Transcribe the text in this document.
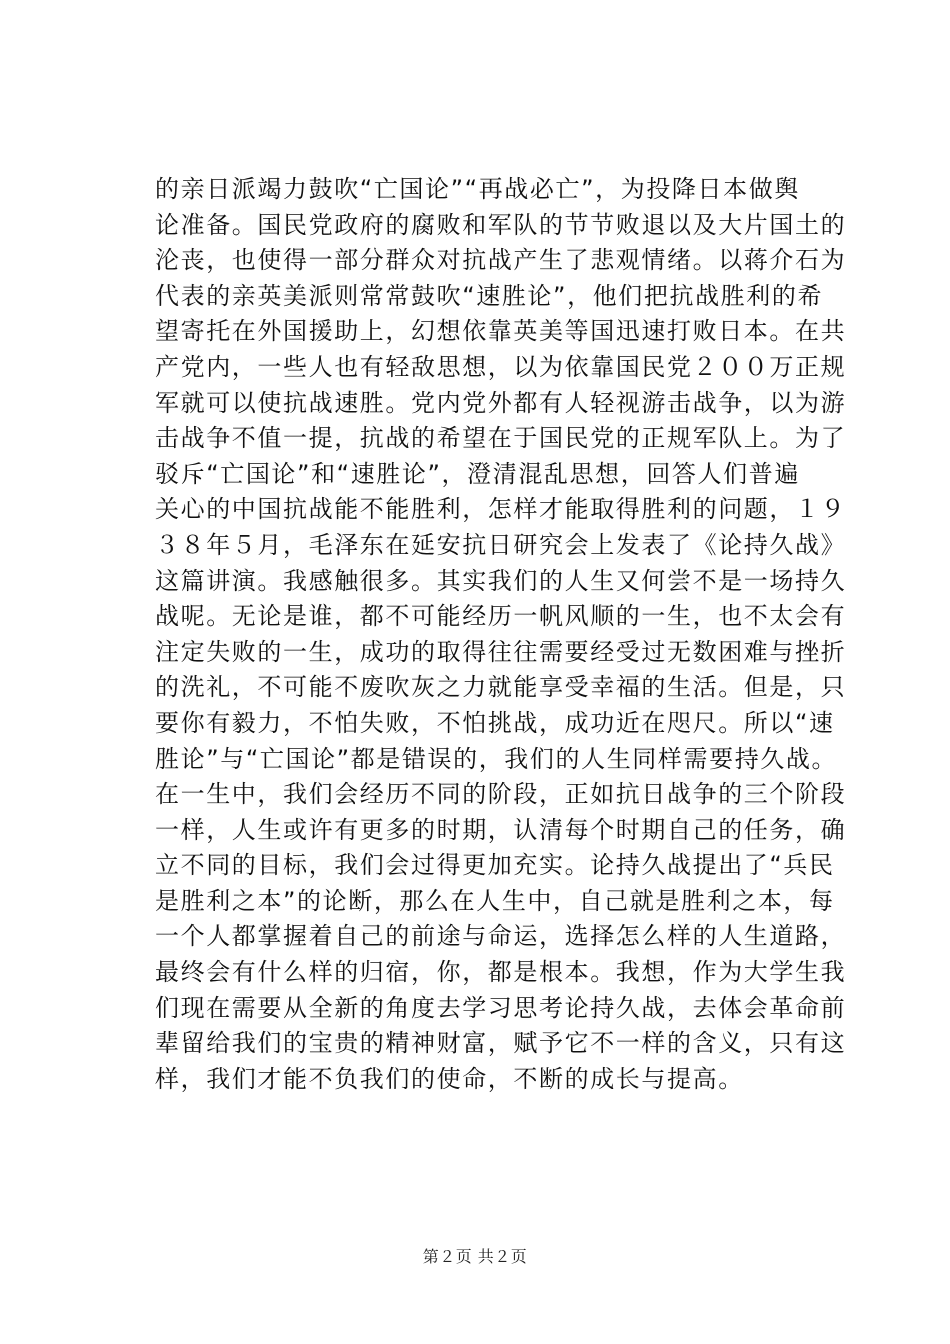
的亲日派竭力鼓吹“亡国论”“再战必亡”，为投降日本做舆
论准备。国民党政府的腐败和军队的节节败退以及大片国土的
沦丧，也使得一部分群众对抗战产生了悲观情绪。以蒋介石为
代表的亲英美派则常常鼓吹“速胜论”，他们把抗战胜利的希
望寄托在外国援助上，幻想依靠英美等国迅速打败日本。在共
产党内，一些人也有轻敌思想，以为依靠国民党２００万正规
军就可以使抗战速胜。党内党外都有人轻视游击战争，以为游
击战争不值一提，抗战的希望在于国民党的正规军队上。为了
驳斥“亡国论”和“速胜论”，澄清混乱思想，回答人们普遍
关心的中国抗战能不能胜利，怎样才能取得胜利的问题，１９
３８年５月，毛泽东在延安抗日研究会上发表了《论持久战》
这篇讲演。我感触很多。其实我们的人生又何尝不是一场持久
战呢。无论是谁，都不可能经历一帆风顺的一生，也不太会有
注定失败的一生，成功的取得往往需要经受过无数困难与挫折
的洗礼，不可能不废吹灰之力就能享受幸福的生活。但是，只
要你有毅力，不怕失败，不怕挑战，成功近在咫尺。所以“速
胜论”与“亡国论”都是错误的，我们的人生同样需要持久战。
在一生中，我们会经历不同的阶段，正如抗日战争的三个阶段
一样，人生或许有更多的时期，认清每个时期自己的任务，确
立不同的目标，我们会过得更加充实。论持久战提出了“兵民
是胜利之本”的论断，那么在人生中，自己就是胜利之本，每
一个人都掌握着自己的前途与命运，选择怎么样的人生道路，
最终会有什么样的归宿，你，都是根本。我想，作为大学生我
们现在需要从全新的角度去学习思考论持久战，去体会革命前
辈留给我们的宝贵的精神财富，赋予它不一样的含义，只有这
样，我们才能不负我们的使命，不断的成长与提高。
第２页 共２页
